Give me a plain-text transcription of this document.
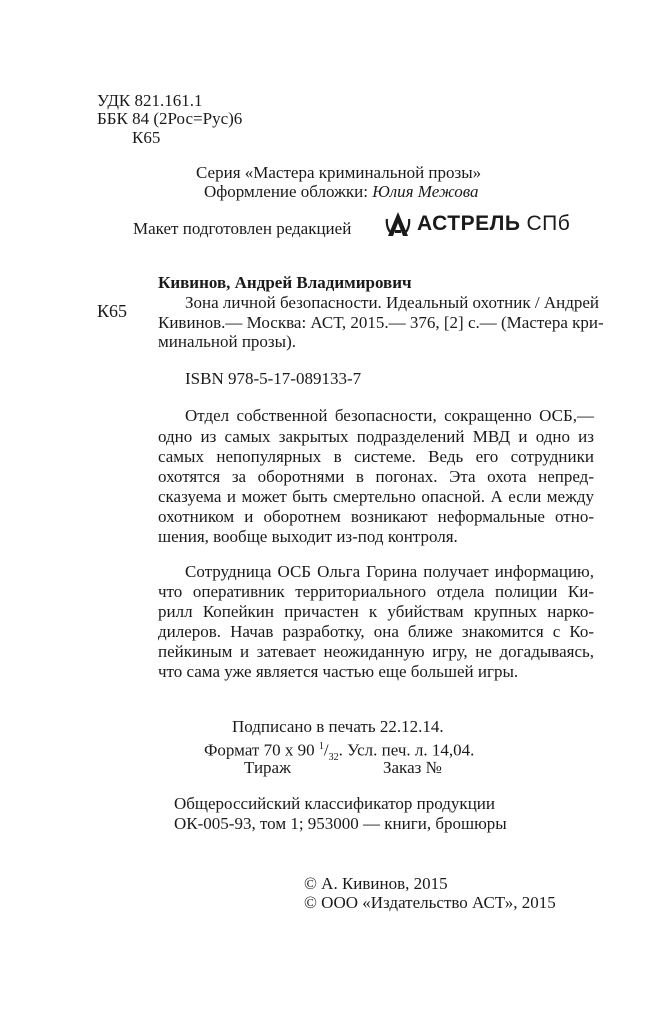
УДК 821.161.1
ББК 84 (2Рос=Рус)6
К65
Серия «Мастера криминальной прозы»
Оформление обложки: Юлия Межова
Макет подготовлен редакцией	АСТРЕЛЬ СПб
Кивинов, Андрей Владимирович
К65	Зона личной безопасности. Идеальный охотник / Андрей
Кивинов.— Москва: АСТ, 2015.— 376, [2] с.— (Мастера кри-
минальной прозы).
ISBN 978-5-17-089133-7
Отдел собственной безопасности, сокращенно ОСБ,—
одно из самых закрытых подразделений МВД и одно из
самых непопулярных в системе. Ведь его сотрудники
охотятся за оборотнями в погонах. Эта охота непред-
сказуема и может быть смертельно опасной. А если между
охотником и оборотнем возникают неформальные отно-
шения, вообще выходит из-под контроля.
Сотрудница ОСБ Ольга Горина получает информацию,
что оперативник территориального отдела полиции Ки-
рилл Копейкин причастен к убийствам крупных нарко-
дилеров. Начав разработку, она ближе знакомится с Ко-
пейкиным и затевает неожиданную игру, не догадываясь,
что сама уже является частью еще большей игры.
Подписано в печать 22.12.14.
Формат 70 х 90 $^1/_{32}$. Усл. печ. л. 14,04.
Тираж	Заказ №
Общероссийский классификатор продукции
ОК-005-93, том 1; 953000 — книги, брошюры
© А. Кивинов, 2015
© ООО «Издательство АСТ», 2015
